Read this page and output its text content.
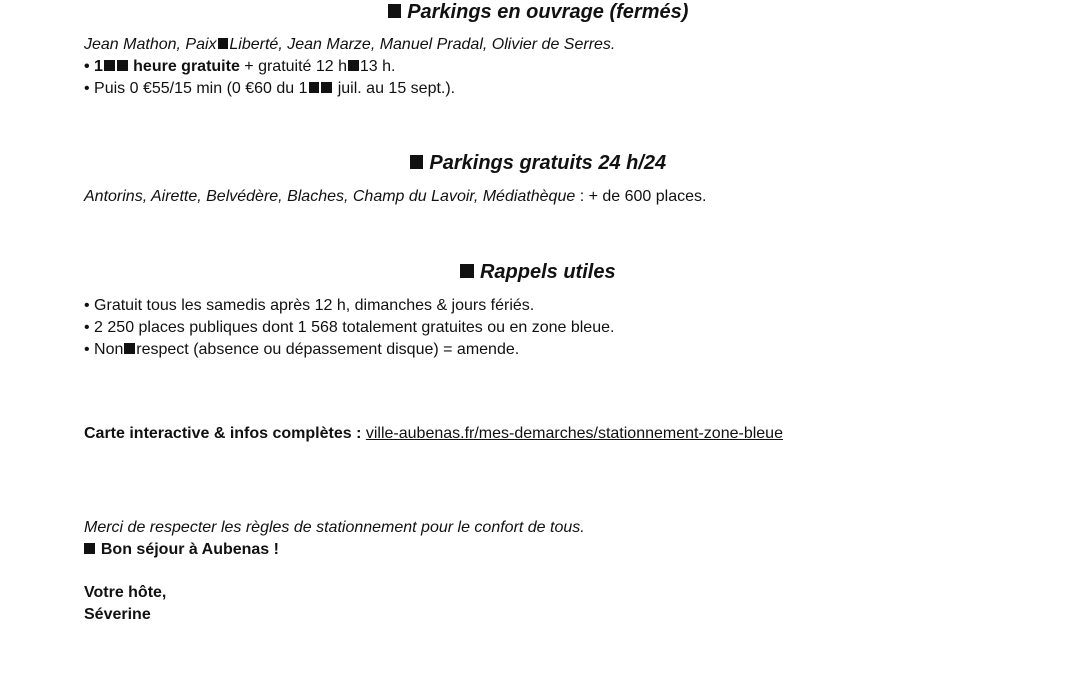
Parkings en ouvrage (fermés)
Jean Mathon, Paix Liberté, Jean Marze, Manuel Pradal, Olivier de Serres.
• 1 heure gratuite + gratuité 12 h 13 h.
• Puis 0 €55/15 min (0 €60 du 1 juil. au 15 sept.).
Parkings gratuits 24 h/24
Antorins, Airette, Belvédère, Blaches, Champ du Lavoir, Médiathèque : + de 600 places.
Rappels utiles
• Gratuit tous les samedis après 12 h, dimanches & jours fériés.
• 2 250 places publiques dont 1 568 totalement gratuites ou en zone bleue.
• Non respect (absence ou dépassement disque) = amende.
Carte interactive & infos complètes : ville-aubenas.fr/mes-demarches/stationnement-zone-bleue
Merci de respecter les règles de stationnement pour le confort de tous.
Bon séjour à Aubenas !
Votre hôte,
Séverine
